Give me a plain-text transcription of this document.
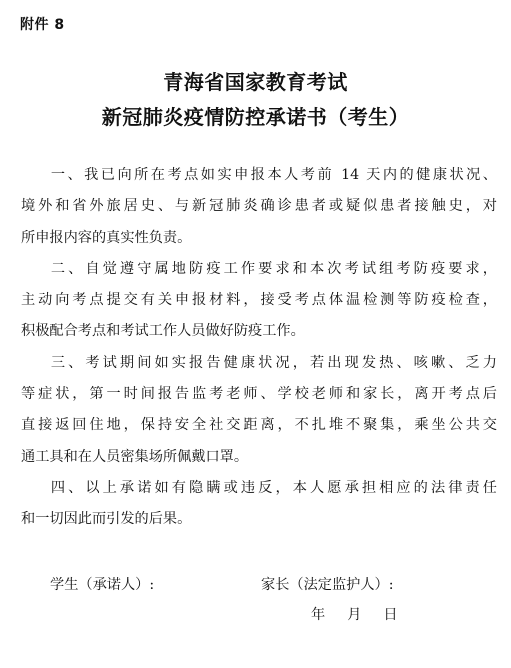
附件 8
青海省国家教育考试
新冠肺炎疫情防控承诺书（考生）
一、我已向所在考点如实申报本人考前 14 天内的健康状况、
境外和省外旅居史、与新冠肺炎确诊患者或疑似患者接触史，对
所申报内容的真实性负责。
二、自觉遵守属地防疫工作要求和本次考试组考防疫要求，
主动向考点提交有关申报材料，接受考点体温检测等防疫检查，
积极配合考点和考试工作人员做好防疫工作。
三、考试期间如实报告健康状况，若出现发热、咳嗽、乏力
等症状，第一时间报告监考老师、学校老师和家长，离开考点后
直接返回住地，保持安全社交距离，不扎堆不聚集，乘坐公共交
通工具和在人员密集场所佩戴口罩。
四、以上承诺如有隐瞒或违反，本人愿承担相应的法律责任
和一切因此而引发的后果。
学生（承诺人）:	家长（法定监护人）:
年 月 日
